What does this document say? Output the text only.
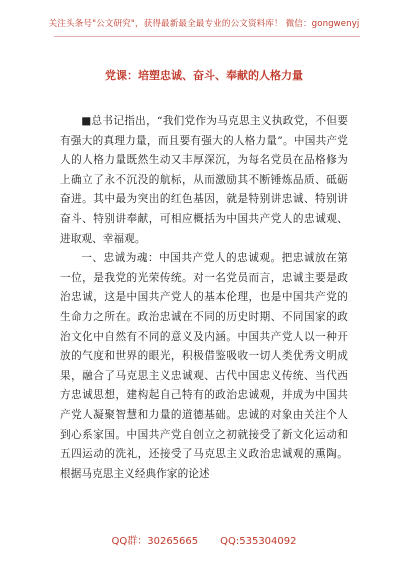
关注头条号"公文研究"，获得最新最全最专业的公文资料库！ 微信：gongwenyj
党课：培塑忠诚、奋斗、奉献的人格力量

■总书记指出，“我们党作为马克思主义执政党，不但要有强大的真理力量，而且要有强大的人格力量”。中国共产党人的人格力量既然生动又丰厚深沉，为每名党员在品格修为上确立了永不沉没的航标，从而激励其不断锤炼品质、砥砺奋进。其中最为突出的红色基因，就是特别讲忠诚、特别讲奋斗、特别讲奉献，可相应概括为中国共产党人的忠诚观、进取观、幸福观。

一、忠诚为魂：中国共产党人的忠诚观。把忠诚放在第一位，是我党的光荣传统。对一名党员而言，忠诚主要是政治忠诚，这是中国共产党人的基本伦理，也是中国共产党的生命力之所在。政治忠诚在不同的历史时期、不同国家的政治文化中自然有不同的意义及内涵。中国共产党人以一种开放的气度和世界的眼光，积极借鉴吸收一切人类优秀文明成果，融合了马克思主义忠诚观、古代中国忠义传统、当代西方忠诚思想，建构起自己特有的政治忠诚观，并成为中国共产党人凝聚智慧和力量的道德基础。忠诚的对象由关注个人到心系家国。中国共产党自创立之初就接受了新文化运动和五四运动的洗礼，还接受了马克思主义政治忠诚观的熏陶。根据马克思主义经典作家的论述

QQ群：30265665 QQ:535304092
